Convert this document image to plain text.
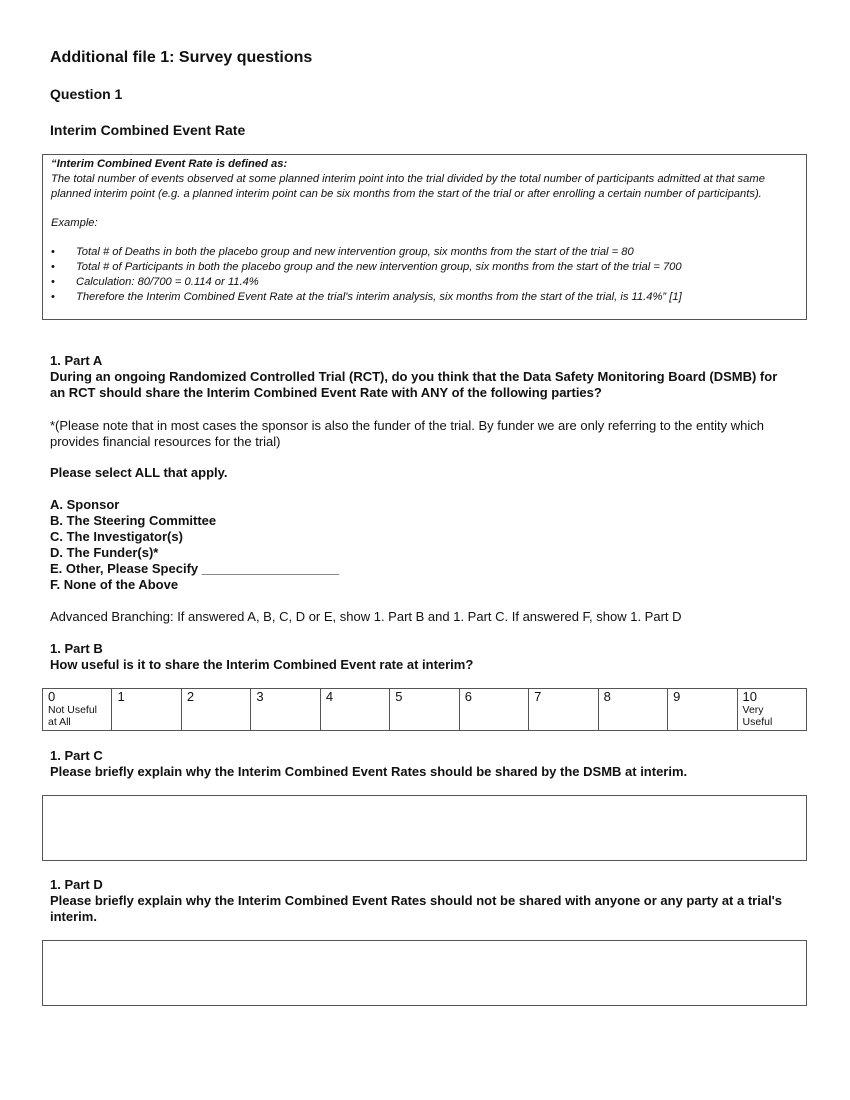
Additional file 1: Survey questions
Question 1
Interim Combined Event Rate

“Interim Combined Event Rate is defined as:

The total number of events observed at some planned interim point into the trial divided by the total number of participants admitted at that same planned interim point (e.g. a planned interim point can be six months from the start of the trial or after enrolling a certain number of participants).

Example:

• Total # of Deaths in both the placebo group and new intervention group, six months from the start of the trial = 80
• Total # of Participants in both the placebo group and the new intervention group, six months from the start of the trial = 700
• Calculation: 80/700 = 0.114 or 11.4%
• Therefore the Interim Combined Event Rate at the trial's interim analysis, six months from the start of the trial, is 11.4%” [1]

1. Part A

During an ongoing Randomized Controlled Trial (RCT), do you think that the Data Safety Monitoring Board (DSMB) for an RCT should share the Interim Combined Event Rate with ANY of the following parties?

*(Please note that in most cases the sponsor is also the funder of the trial. By funder we are only referring to the entity which provides financial resources for the trial)

Please select ALL that apply.

A. Sponsor
B. The Steering Committee
C. The Investigator(s)
D. The Funder(s)*
E. Other, Please Specify ___________________
F. None of the Above

Advanced Branching: If answered A, B, C, D or E, show 1. Part B and 1. Part C. If answered F, show 1. Part D

1. Part B

How useful is it to share the Interim Combined Event rate at interim?

0
Not Useful
at All
	1	2	3	4	5	6	7	8	9	10
Very
Useful

1. Part C

Please briefly explain why the Interim Combined Event Rates should be shared by the DSMB at interim.

1. Part D

Please briefly explain why the Interim Combined Event Rates should not be shared with anyone or any party at a trial's interim.
